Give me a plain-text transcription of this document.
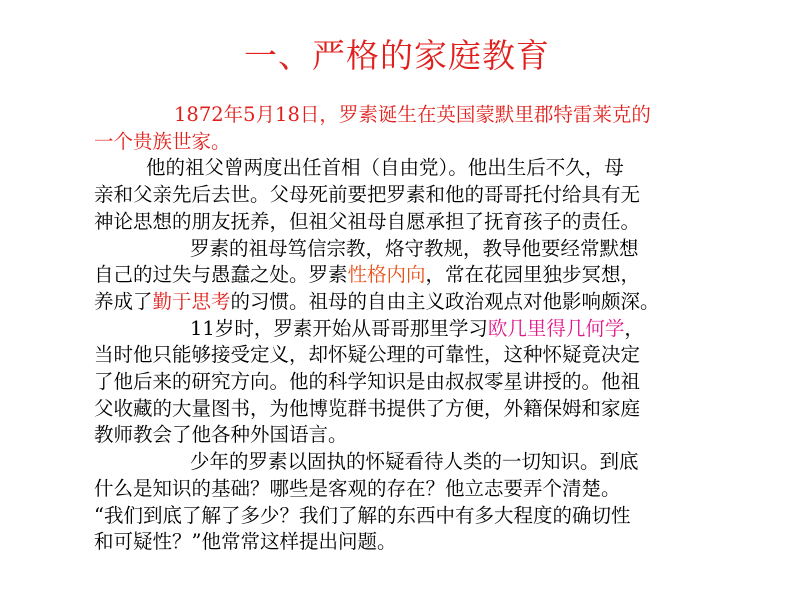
一、严格的家庭教育
1872年5月18日，罗素诞生在英国蒙默里郡特雷莱克的
一个贵族世家。
他的祖父曾两度出任首相（自由党）。他出生后不久，母
亲和父亲先后去世。父母死前要把罗素和他的哥哥托付给具有无
神论思想的朋友抚养，但祖父祖母自愿承担了抚育孩子的责任。
罗素的祖母笃信宗教，烙守教规，教导他要经常默想
自己的过失与愚蠢之处。罗素性格内向，常在花园里独步冥想，
养成了勤于思考的习惯。祖母的自由主义政治观点对他影响颇深。
11岁时，罗素开始从哥哥那里学习欧几里得几何学，
当时他只能够接受定义，却怀疑公理的可靠性，这种怀疑竟决定
了他后来的研究方向。他的科学知识是由叔叔零星讲授的。他祖
父收藏的大量图书，为他博览群书提供了方便，外籍保姆和家庭
教师教会了他各种外国语言。
少年的罗素以固执的怀疑看待人类的一切知识。到底
什么是知识的基础？哪些是客观的存在？他立志要弄个清楚。
“我们到底了解了多少？我们了解的东西中有多大程度的确切性
和可疑性？”他常常这样提出问题。
